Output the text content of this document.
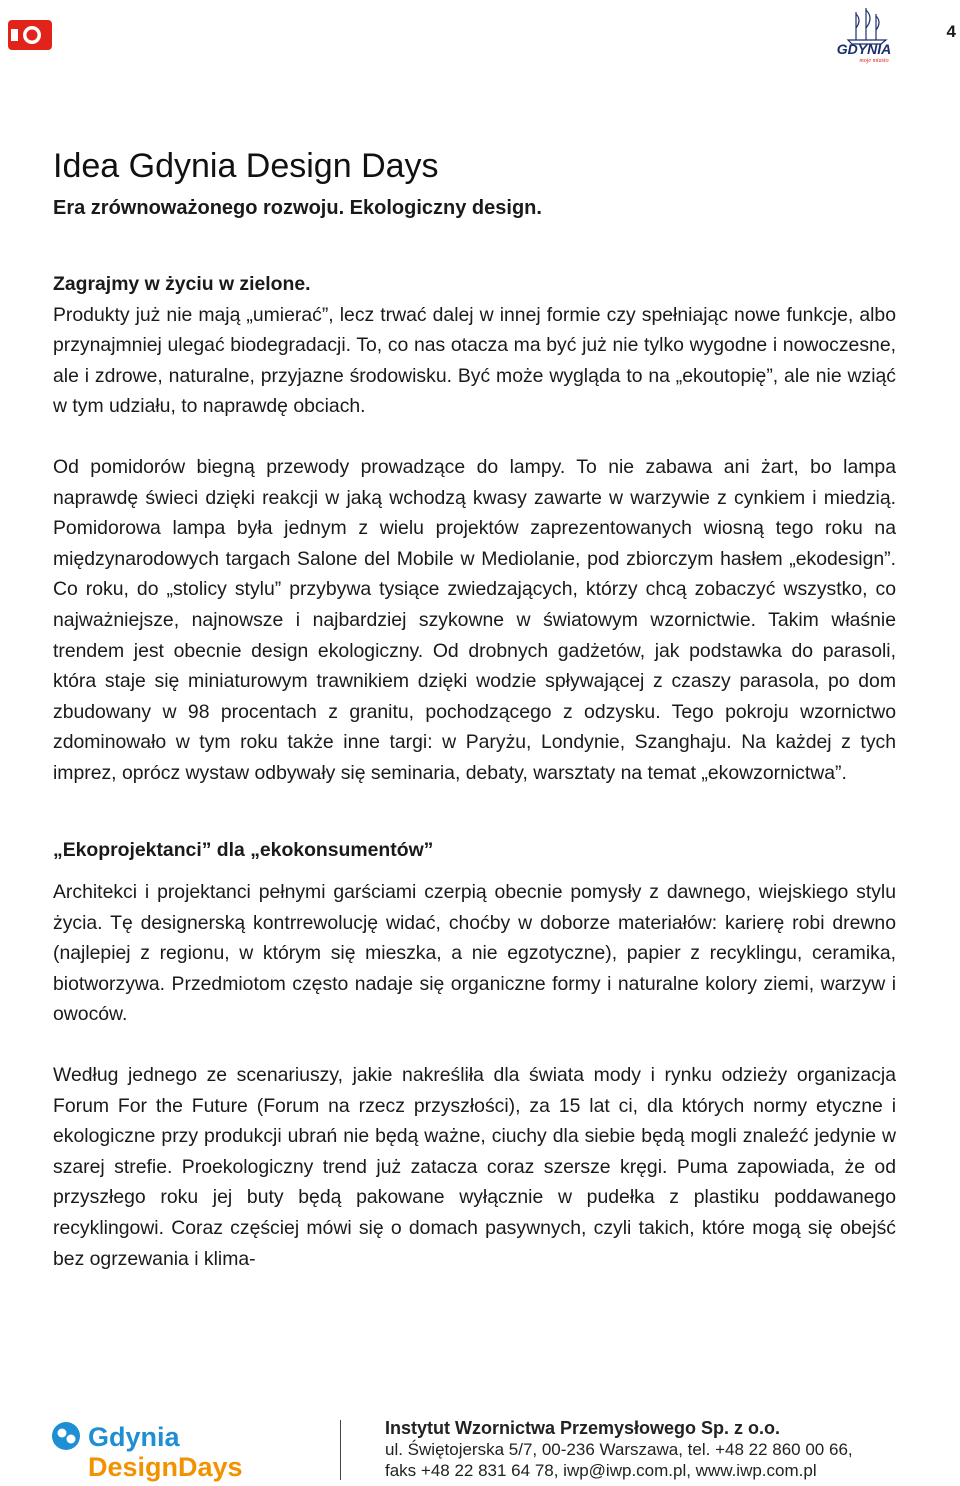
GDYNIA
moje miasto
4
Idea Gdynia Design Days

Era zrównoważonego rozwoju. Ekologiczny design.

Zagrajmy w życiu w zielone.

Produkty już nie mają „umierać”, lecz trwać dalej w innej formie czy spełniając nowe funkcje, albo przynajmniej ulegać biodegradacji. To, co nas otacza ma być już nie tylko wygodne i nowoczesne, ale i zdrowe, naturalne, przyjazne środowisku. Być może wygląda to na „ekoutopię”, ale nie wziąć w tym udziału, to naprawdę obciach.

Od pomidorów biegną przewody prowadzące do lampy. To nie zabawa ani żart, bo lampa naprawdę świeci dzięki reakcji w jaką wchodzą kwasy zawarte w warzywie z cynkiem i miedzią. Pomidorowa lampa była jednym z wielu projektów zaprezentowanych wiosną tego roku na międzynarodowych targach Salone del Mobile w Mediolanie, pod zbiorczym hasłem „ekodesign”. Co roku, do „stolicy stylu” przybywa tysiące zwiedzających, którzy chcą zobaczyć wszystko, co najważniejsze, najnowsze i najbardziej szykowne w światowym wzornictwie. Takim właśnie trendem jest obecnie design ekologiczny. Od drobnych gadżetów, jak podstawka do parasoli, która staje się miniaturowym trawnikiem dzięki wodzie spływającej z czaszy parasola, po dom zbudowany w 98 procentach z granitu, pochodzącego z odzysku. Tego pokroju wzornictwo zdominowało w tym roku także inne targi: w Paryżu, Londynie, Szanghaju. Na każdej z tych imprez, oprócz wystaw odbywały się seminaria, debaty, warsztaty na temat „ekowzornictwa”.

„Ekoprojektanci” dla „ekokonsumentów”

Architekci i projektanci pełnymi garściami czerpią obecnie pomysły z dawnego, wiejskiego stylu życia. Tę designerską kontrrewolucję widać, choćby w doborze materiałów: karierę robi drewno (najlepiej z regionu, w którym się mieszka, a nie egzotyczne), papier z recyklingu, ceramika, biotworzywa. Przedmiotom często nadaje się organiczne formy i naturalne kolory ziemi, warzyw i owoców.

Według jednego ze scenariuszy, jakie nakreśliła dla świata mody i rynku odzieży organizacja Forum For the Future (Forum na rzecz przyszłości), za 15 lat ci, dla których normy etyczne i ekologiczne przy produkcji ubrań nie będą ważne, ciuchy dla siebie będą mogli znaleźć jedynie w szarej strefie. Proekologiczny trend już zatacza coraz szersze kręgi. Puma zapowiada, że od przyszłego roku jej buty będą pakowane wyłącznie w pudełka z plastiku poddawanego recyklingowi. Coraz częściej mówi się o domach pasywnych, czyli takich, które mogą się obejść bez ogrzewania i klima-

Gdynia
DesignDays
Instytut Wzornictwa Przemysłowego Sp. z o.o.
ul. Świętojerska 5/7, 00-236 Warszawa, tel. +48 22 860 00 66,
faks +48 22 831 64 78, iwp@iwp.com.pl, www.iwp.com.pl
